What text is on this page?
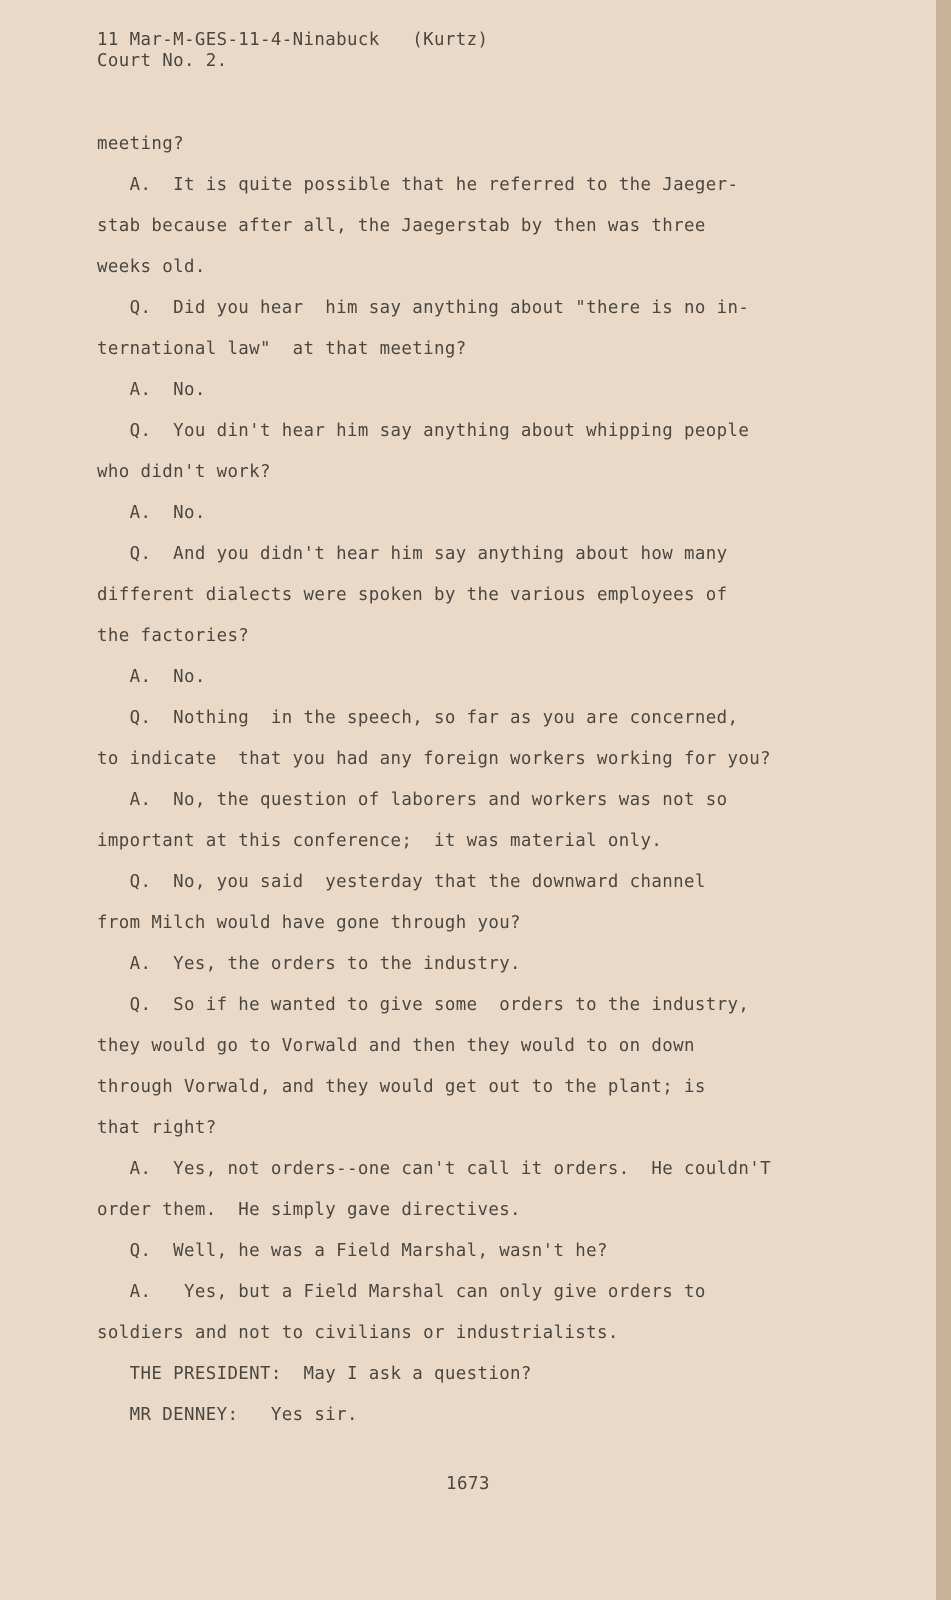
11 Mar-M-GES-11-4-Ninabuck   (Kurtz)
Court No. 2.
meeting?
A.  It is quite possible that he referred to the Jaeger-
stab because after all, the Jaegerstab by then was three
weeks old.
Q.  Did you hear  him say anything about "there is no in-
ternational law"  at that meeting?
A.  No.
Q.  You din't hear him say anything about whipping people
who didn't work?
A.  No.
Q.  And you didn't hear him say anything about how many
different dialects were spoken by the various employees of
the factories?
A.  No.
Q.  Nothing  in the speech, so far as you are concerned,
to indicate  that you had any foreign workers working for you?
A.  No, the question of laborers and workers was not so
important at this conference;  it was material only.
Q.  No, you said  yesterday that the downward channel
from Milch would have gone through you?
A.  Yes, the orders to the industry.
Q.  So if he wanted to give some  orders to the industry,
they would go to Vorwald and then they would to on down
through Vorwald, and they would get out to the plant; is
that right?
A.  Yes, not orders--one can't call it orders.  He couldn'T
order them.  He simply gave directives.
Q.  Well, he was a Field Marshal, wasn't he?
A.   Yes, but a Field Marshal can only give orders to
soldiers and not to civilians or industrialists.
THE PRESIDENT:  May I ask a question?
MR DENNEY:   Yes sir.
1673
